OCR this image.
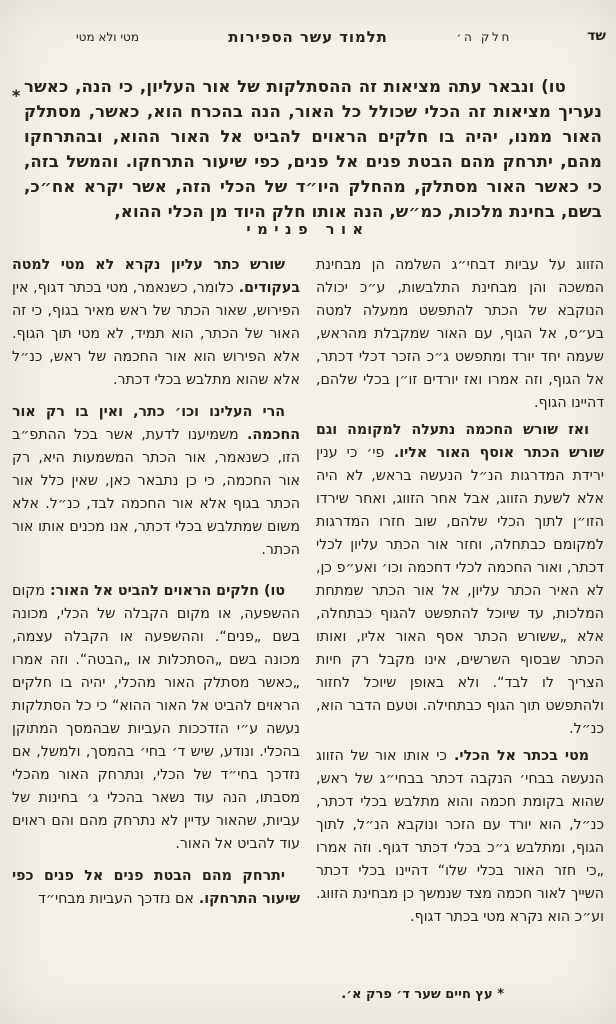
שד
חלק ה׳
תלמוד עשר הספירות
מטי ולא מטי
*	טו)ונבאר עתה מציאות זה ההסתלקות של אור העליון, כי הנה, כאשר נעריך מציאות זה הכלי שכולל כל האור, הנה בהכרח הוא, כאשר, מסתלק האור ממנו, יהיה בו חלקים הראוים להביט אל האור ההוא, ובהתרחקו מהם, יתרחק מהם הבטת פנים אל פנים, כפי שיעור התרחקו. והמשל בזה, כי כאשר האור מסתלק, מהחלק היו״ד של הכלי הזה, אשר יקרא אח״כ, בשם, בחינת מלכות, כמ״ש, הנה אותו חלק היוד מן הכלי ההוא,

אור פנימי

הזווג על עביות דבחי״ג השלמה הן מבחינת המשכה והן מבחינת התלבשות, ע״כ יכולה הנוקבא של הכתר להתפשט ממעלה למטה בע״ס, אל הגוף, עם האור שמקבלת מהראש, שעמה יחד יורד ומתפשט ג״כ הזכר דכלי דכתר, אל הגוף, וזה אמרו ואז יורדים זו״ן בכלי שלהם, דהיינו הגוף.

ואז שורש החכמה נתעלה למקומה וגם שורש הכתר אוסף האור אליו.פי׳ כי ענין ירידת המדרגות הנ״ל הנעשה בראש, לא היה אלא לשעת הזווג, אבל אחר הזווג, ואחר שירדו הזו״ן לתוך הכלי שלהם, שוב חזרו המדרגות למקומם כבתחלה, וחזר אור הכתר עליון לכלי דכתר, ואור החכמה לכלי דחכמה וכו׳ ואע״פ כן, לא האיר הכתר עליון, אל אור הכתר שמתחת המלכות, עד שיוכל להתפשט להגוף כבתחלה, אלא „ששורש הכתר אסף האור אליו, ואותו הכתר שבסוף השרשים, אינו מקבל רק חיות הצריך לו לבד“. ולא באופן שיוכל לחזור ולהתפשט תוך הגוף כבתחילה. וטעם הדבר הוא, כנ״ל.

מטי בכתר אל הכלי.כי אותו אור של הזווג הנעשה בבחי׳ הנקבה דכתר בבחי״ג של ראש, שהוא בקומת חכמה והוא מתלבש בכלי דכתר, כנ״ל, הוא יורד עם הזכר ונוקבא הנ״ל, לתוך הגוף, ומתלבש ג״כ בכלי דכתר דגוף. וזה אמרו „כי חזר האור בכלי שלו“ דהיינו בכלי דכתר השייך לאור חכמה מצד שנמשך כן מבחינת הזווג. וע״כ הוא נקרא מטי בכתר דגוף.

שורש כתר עליון נקרא לא מטי למטה בעקודים.כלומר, כשנאמר, מטי בכתר דגוף, אין הפירוש, שאור הכתר של ראש מאיר בגוף, כי זה האור של הכתר, הוא תמיד, לא מטי תוך הגוף. אלא הפירוש הוא אור החכמה של ראש, כנ״ל אלא שהוא מתלבש בכלי דכתר.

הרי העלינו וכו׳ כתר, ואין בו רק אור החכמה.משמיענו לדעת, אשר בכל ההתפ״ב הזו, כשנאמר, אור הכתר המשמעות היא, רק אור החכמה, כי כן נתבאר כאן, שאין כלל אור הכתר בגוף אלא אור החכמה לבד, כנ״ל. אלא משום שמתלבש בכלי דכתר, אנו מכנים אותו אור הכתר.

טו)חלקים הראוים להביט אל האור:מקום ההשפעה, או מקום הקבלה של הכלי, מכונה בשם „פנים“. וההשפעה או הקבלה עצמה, מכונה בשם „הסתכלות או „הבטה“. וזה אמרו „כאשר מסתלק האור מהכלי, יהיה בו חלקים הראוים להביט אל האור ההוא“ כי כל הסתלקות נעשה ע״י הזדככות העביות שבהמסך המתוקן בהכלי. ונודע, שיש ד׳ בחי׳ בהמסך, ולמשל, אם נזדכך בחי״ד של הכלי, ונתרחק האור מהכלי מסבתו, הנה עוד נשאר בהכלי ג׳ בחינות של עביות, שהאור עדיין לא נתרחק מהם והם ראוים עוד להביט אל האור.

יתרחק מהם הבטת פנים אל פנים כפי שיעור התרחקו.אם נזדכך העביות מבחי״ד

*עץ חיים שער ד׳ פרק א׳.
